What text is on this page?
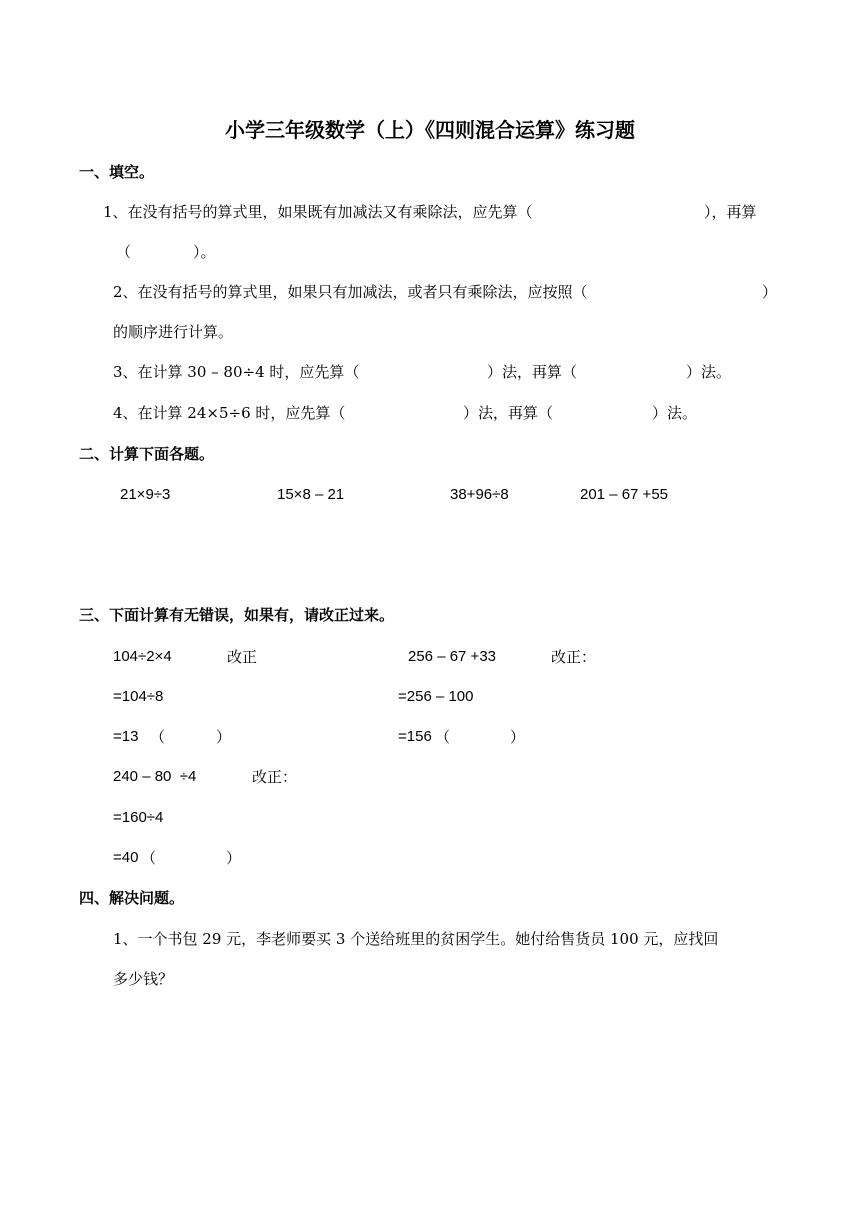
小学三年级数学（上）《四则混合运算》练习题
一、填空。
1、在没有括号的算式里，如果既有加减法又有乘除法，应先算（	），再算
（	）。
2、在没有括号的算式里，如果只有加减法，或者只有乘除法，应按照（	）
的顺序进行计算。
3、在计算 30 – 80÷4 时，应先算（	）法，再算（	）法。
4、在计算 24×5÷6 时，应先算（	）法，再算（	）法。
二、计算下面各题。
21×9÷3	15×8 – 21	38+96÷8	201 – 67 +55
三、下面计算有无错误，如果有，请改正过来。
104÷2×4	改正	256 – 67 +33	改正：
=104÷8	=256 – 100
=13 （	）	=156 （	）
240 – 80  ÷4	改正：
=160÷4
=40 （	）
四、解决问题。
1、一个书包 29 元，李老师要买 3 个送给班里的贫困学生。她付给售货员 100 元，应找回
多少钱？
